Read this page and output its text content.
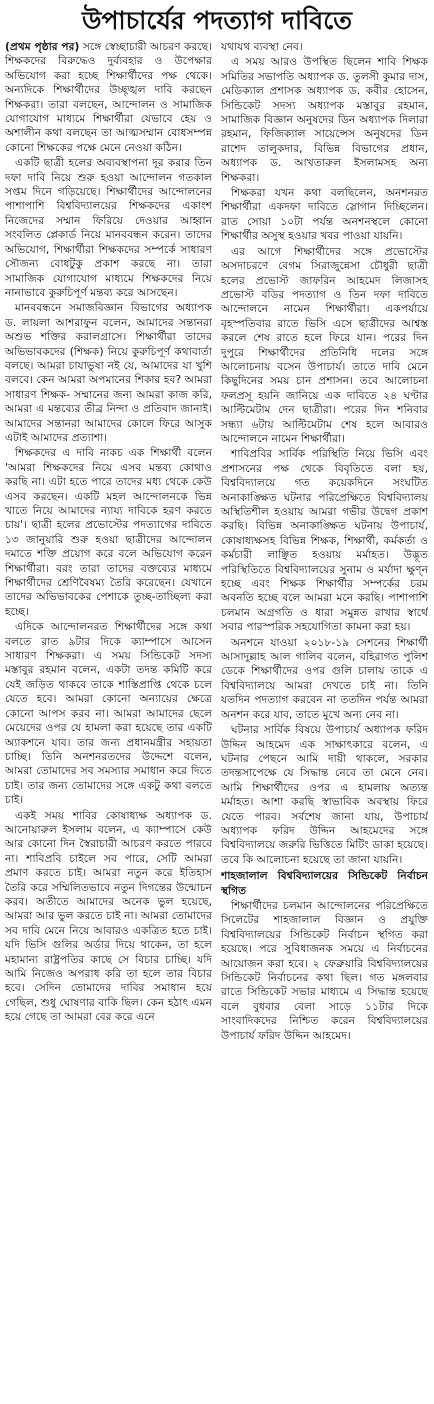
উপাচার্যের পদত্যাগ দাবিতে

(প্রথম পৃষ্ঠার পর) সঙ্গে স্বেচ্ছাচারী আচরণ করছে। শিক্ষকদের বিরুদ্ধেও দুর্ব্যবহার ও উপেক্ষার অভিযোগ করা হচ্ছে শিক্ষার্থীদের পক্ষ থেকে। অন্যদিকে শিক্ষার্থীদের উচ্ছৃঙ্খল দাবি করছেন শিক্ষকরা। তারা বলছেন, আন্দোলন ও সামাজিক যোগাযোগ মাধ্যমে শিক্ষার্থীরা যেভাবে হেয় ও অশালীন কথা বলছেন তা আত্মসম্মান বোধসম্পন্ন কোনো শিক্ষকের পক্ষে মেনে নেওয়া কঠিন।

একটি ছাত্রী হলের অব্যবস্থাপনা দূর করার তিন দফা দাবি নিয়ে শুরু হওয়া আন্দোলন গতকাল সপ্তম দিনে গড়িয়েছে। শিক্ষার্থীদের আন্দোলনের পাশাপাশি বিশ্ববিদ্যালয়ের শিক্ষকদের একাংশ নিজেদের সম্মান ফিরিয়ে দেওয়ার আহ্বান সংবলিত প্লেকার্ড নিয়ে মানববন্ধন করেন। তাদের অভিযোগ, শিক্ষার্থীরা শিক্ষকদের সম্পর্কে সাধারণ সৌজন্য বোধটুকু প্রকাশ করছে না। তারা সামাজিক যোগাযোগ মাধ্যমে শিক্ষকদের নিয়ে নানাভাবে কুরুচিপূর্ণ মন্তব্য করে আসছেন।

মানববন্ধনে সমাজবিজ্ঞান বিভাগের অধ্যাপক ড. লায়লা আশরাফুন বলেন, আমাদের সন্তানরা অশুভ শক্তির করালগ্রাসে। শিক্ষার্থীরা তাদের অভিভাবকদের (শিক্ষক) নিয়ে কুরুচিপূর্ণ কথাবার্তা বলছে। আমরা চাযাভুষা নই যে, আমাদের যা খুশি বলবে। কেন আমরা অপমানের শিকার হব? আমরা সাধারণ শিক্ষক- সম্মানের জন্য আমরা কাজ করি, আমরা এ মন্তব্যের তীব্র নিন্দা ও প্রতিবাদ জানাই। আমাদের সন্তানরা আমাদের কোলে ফিরে আসুক এটাই আমাদের প্রত্যাশা।

শিক্ষকদের এ দাবি নাকচ এক শিক্ষার্থী বলেন 'আমরা শিক্ষকদের নিয়ে এসব মন্তব্য কোথাও করছি না। এটা হতে পারে তাদের মধ্য থেকে কেউ এসব করছেন। একটি মহল আন্দোলনকে ভিন্ন খাতে নিয়ে আমাদের ন্যায্য দাবিকে হরণ করতে চায়'। ছাত্রী হলের প্রভোস্টের পদত্যাগের দাবিতে ১৩ জানুয়ারি শুরু হওয়া ছাত্রীদের আন্দোলন দমাতে শক্তি প্রয়োগ করে বলে অভিযোগ করেন শিক্ষার্থীরা। বরং তারা তাদের বক্তব্যের মাধ্যমে শিক্ষার্থীদের শ্রেণিবৈষম্য তৈরি করেছেন। যেখানে তাদের অভিভাবকের পেশাকে তুচ্ছ-তাচ্ছিল্য করা হচ্ছে।

এদিকে আন্দোলনরত শিক্ষার্থীদের সঙ্গে কথা বলতে রাত ৯টার দিকে ক্যাম্পাসে আসেন সাধারণ শিক্ষকরা। এ সময় সিন্ডিকেট সদস্য মস্তাবুর রহমান বলেন, একটা তদন্ত কমিটি করে যেই জড়িত থাকবে তাকে শাস্তিপ্রাপ্তি থেকে চলে যেতে হবে। আমরা কোনো অন্যায়ের ক্ষেত্রে কোনো আপস করব না। আমরা আমাদের ছেলে মেয়েদের ওপর যে হামলা করা হয়েছে তার একটি অ্যাকশনে যাব। তার জন্য প্রধানমন্ত্রীর সহায়তা চাচ্ছি। তিনি অনশনরতদের উদ্দেশে বলেন, আমরা তোমাদের সব সমস্যার সমাধান করে দিতে চাই। তার জন্য তোমাদের সঙ্গে একটু কথা বলতে চাই।

একই সময় শাবির কোষাধ্যক্ষ অধ্যাপক ড. আনোয়ারুল ইসলাম বলেন, এ ক্যাম্পাসে কেউ আর কোনো দিন স্বৈরাচারী আচরণ করতে পারবে না। শাবিপ্রবি চাইলে সব পারে, সেটি আমরা প্রমাণ করতে চাই। আমরা নতুন করে ইতিহাস তৈরি করে সম্মিলিতভাবে নতুন দিগন্তের উন্মোচন করব। অতীতে আমাদের অনেক ভুল হয়েছে, আমরা আর ভুল করতে চাই না। আমরা তোমাদের সব দাবি মেনে নিয়ে আবারও একত্রিত হতে চাই। যদি ভিসি গুলির অর্ডার দিয়ে থাকেন, তা হলে মহামান্য রাষ্ট্রপতির কাছে সে বিচার চাচ্ছি। যদি আমি নিজেও অপরাধ করি তা হলে তার বিচার হবে। সেদিন তোমাদের দাবির সমাধান হয়ে গেছিল, শুধু ঘোষণার বাকি ছিল। কেন হঠাৎ এমন হয়ে গেছে তা আমরা বের করে এনে

যথাযথ ব্যবস্থা নেব।

এ সময় আরও উপস্থিত ছিলেন শাবি শিক্ষক সমিতির সভাপতি অধ্যাপক ড. তুলসী কুমার দাস, মেডিক্যাল প্রশাসক অধ্যাপক ড. কবীর হোসেন, সিন্ডিকেট সদস্য অধ্যাপক মস্তাবুর রহমান, সামাজিক বিজ্ঞান অনুষদের ডিন অধ্যাপক দিলারা রহমান, ফিজিক্যাল সায়েন্সেস অনুষদের ডিন রাশেদ তালুকদার, বিভিন্ন বিভাগের প্রধান, অধ্যাপক ড. আখতারুল ইসলামসহ অন্য শিক্ষকরা।

শিক্ষকরা যখন কথা বলছিলেন, অনশনরত শিক্ষার্থীরা একদফা দাবিতে স্লোগান দিচ্ছিলেন। রাত সোয়া ১০টা পর্যন্ত অনশনস্থলে কোনো শিক্ষার্থীর অসুস্থ হওয়ার খবর পাওয়া যায়নি।

এর আগে শিক্ষার্থীদের সঙ্গে প্রভোস্টের অসদাচরণে বেগম সিরাজুন্নেসা চৌধুরী ছাত্রী হলের প্রভোস্ট জাফরিন আহমেদ লিজাসহ প্রভোস্ট বডির পদত্যাগ ও তিন দফা দাবিতে আন্দোলনে নামেন শিক্ষার্থীরা। একপর্যায়ে বৃহস্পতিবার রাতে ভিসি এসে ছাত্রীদের আশ্বস্ত করলে শেষ রাতে হলে ফিরে যান। পরের দিন দুপুরে শিক্ষার্থীদের প্রতিনিধি দলের সঙ্গে আলোচনায় বসেন উপাচার্য। তাতে দাবি মেনে কিছুদিনের সময় চান প্রশাসন। তবে আলোচনা ফলপ্রসূ হয়নি জানিয়ে এক দাবিতে ২৪ ঘণ্টার আল্টিমেটাম দেন ছাত্রীরা। পরের দিন শনিবার সন্ধ্যা ৬টায় আল্টিমেটাম শেষ হলে আবারও আন্দোলনে নামেন শিক্ষার্থীরা।

শাবিপ্রবির সার্বিক পরিস্থিতি নিয়ে ভিসি এবং প্রশাসনের পক্ষ থেকে বিবৃতিতে বলা হয়, বিশ্ববিদ্যালয়ে গত কয়েকদিনে সংঘটিত অনাকাঙ্ক্ষিত ঘটনার পরিপ্রেক্ষিতে বিশ্ববিদ্যালয় অস্থিতিশীল হওয়ায় আমরা গভীর উদ্বেগ প্রকাশ করছি। বিভিন্ন অনাকাঙ্ক্ষিত ঘটনায় উপাচার্য, কোষাধ্যক্ষসহ বিভিন্ন শিক্ষক, শিক্ষার্থী, কর্মকর্তা ও কর্মচারী লাঞ্ছিত হওয়ায় মর্মাহত। উদ্ভূত পরিস্থিতিতে বিশ্ববিদ্যালয়ের সুনাম ও মর্যাদা ক্ষুণ্ন হচ্ছে এবং শিক্ষক শিক্ষার্থীর সম্পর্কের চরম অবনতি হচ্ছে বলে আমরা মনে করছি। পাশাপাশি চলমান অগ্রগতি ও ধারা সমুন্নত রাখার স্বার্থে সবার পারস্পরিক সহযোগিতা কামনা করা হয়।

অনশনে যাওয়া ২০১৮-১৯ সেশনের শিক্ষার্থী আসাদুল্লাহ আল গালিব বলেন, বহিরাগত পুলিশ ডেকে শিক্ষার্থীদের ওপর গুলি চালায় তাকে এ বিশ্ববিদ্যালয়ে আমরা দেখতে চাই না। তিনি যতদিন পদত্যাগ করবেন না ততদিন পর্যন্ত আমরা অনশন করে যাব, তাতে মুখে অন্য নেব না।

ঘটনার সার্বিক বিষয়ে উপাচার্য অধ্যাপক ফরিদ উদ্দিন আহমেদ এক সাক্ষাৎকারে বলেন, এ ঘটনার পেছনে আমি দায়ী থাকলে, সরকার তদন্তসাপেক্ষে যে সিদ্ধান্ত নেবে তা মেনে নেব। আমি শিক্ষার্থীদের ওপর এ হামলায় অত্যন্ত মর্মাহত। আশা করছি স্বাভাবিক অবস্থায় ফিরে যেতে পারব। সর্বশেষ জানা যায়, উপাচার্য অধ্যাপক ফরিদ উদ্দিন আহমেদের সঙ্গে বিশ্ববিদ্যালয়ে জরুরি ভিত্তিতে মিটিং ডাকা হয়েছে। তবে কি আলোচনা হয়েছে তা জানা যায়নি।

শাহজালাল বিশ্ববিদ্যালয়ের সিন্ডিকেট নির্বাচন স্থগিত

শিক্ষার্থীদের চলমান আন্দোলনের পরিপ্রেক্ষিতে সিলেটের শাহজালাল বিজ্ঞান ও প্রযুক্তি বিশ্ববিদ্যালয়ের সিন্ডিকেট নির্বাচন স্থগিত করা হয়েছে। পরে সুবিধাজনক সময়ে এ নির্বাচনের আয়োজন করা হবে। ২ ফেব্রুয়ারি বিশ্ববিদ্যালয়ের সিন্ডিকেট নির্বাচনের কথা ছিল। গত মঙ্গলবার রাতে সিন্ডিকেট সভার মাধ্যমে এ সিদ্ধান্ত হয়েছে বলে বুধবার বেলা সাড়ে ১১টার দিকে সাংবাদিকদের নিশ্চিত করেন বিশ্ববিদ্যালয়ের উপাচার্য ফরিদ উদ্দিন আহমেদ।
